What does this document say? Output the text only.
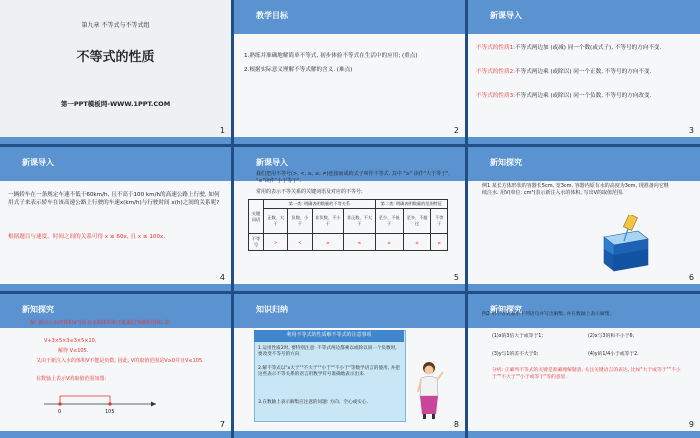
第九章 不等式与不等式组
不等式的性质
第一PPT模板网-WWW.1PPT.COM
1
教学目标
1.熟练并准确地解简单不等式, 初步体验不等式在生活中的应用; (重点)
2.根据实际意义理解不等式解的含义. (难点)
2
新课导入
不等式的性质1:不等式两边加 (或减) 同一个数(或式子), 不等号的方向不变.
不等式的性质2:不等式两边乘 (或除以) 同一个正数, 不等号的方向不变.
不等式的性质3:不等式两边乘 (或除以) 同一个负数, 不等号的方向改变.
3
新课导入
一辆轿车在一条规定车速不低于60km/h, 且不高于100 km/h的高速公路上行驶, 如何用式子来表示轿车在该高速公路上行驶的车速x(km/h)与行驶时间 x(h)之间的关系呢?
根据题目与速度、时间之间的关系可得 x ≥ 60x, 且 x ≤ 100x.
4
新课导入
我们把用不等号(>, <, ≥, ≤, ≠)连接而成的式子叫作不等式. 其中 "≥" 读作"大于等于", "≤"读作"小于等于".
常用的表示不等关系的关键词语及对应的不等号:
关键词语	第一类: 明确表明数量的不等关系				第二类: 明确表明数量的范围特征		
	正数、大于	负数、小于	非负数、不小于	非正数、不大于	至少、不低于	至多、不超过	不等于
不等号	>	<	≥	≤	≥	≤	≠
5
新知探究
例1 某长方体形状的容器长5cm, 宽3cm, 容器内原有水的高度为3cm, 现准备向它继续注水. 用V(单位: cm³)表示新注入水的体积, 写出V的取值范围.
6
新知探究
解: 新注入水的体积V与原有水的体积和不能超过容器的容积, 即
V+3×5×3≤3×5×10,
解得 V≤105.
又由于新注入水的体积V不能是负数, 因此, V的取值范围是V≥0并且V≤105.
在数轴上表示V的取值范围如图:
0	105
7
知识归纳
利用不等式的性质解不等式的注意事项
1.运用性质2时, 要特别注意: 不等式两边都乘以或除以同一个负数时, 要改变不等号的方向.
2.解不等式以"x大于""不大于""小于""不小于"等数学语言的使用, 并把这些表示不等关系的语言用数学符号准确地表示出来.
3.在数轴上表示解集应注意的问题: 方向、空心或实心.
8
新知探究
例2 用不等式表示下列语句并写出解集, 并在数轴上表示解集.
(1)x的3倍大于或等于1;	(2)x与3的和不小于6;
(3)y与1的差不大于0;	(4)y的1/4小于或等于2.
分析: 正确列不等式的关键是准确理解题意, 关注关键语言的表达, 比如"大于或等于""不小于""不大于""小于或等于"等的意思.
9
